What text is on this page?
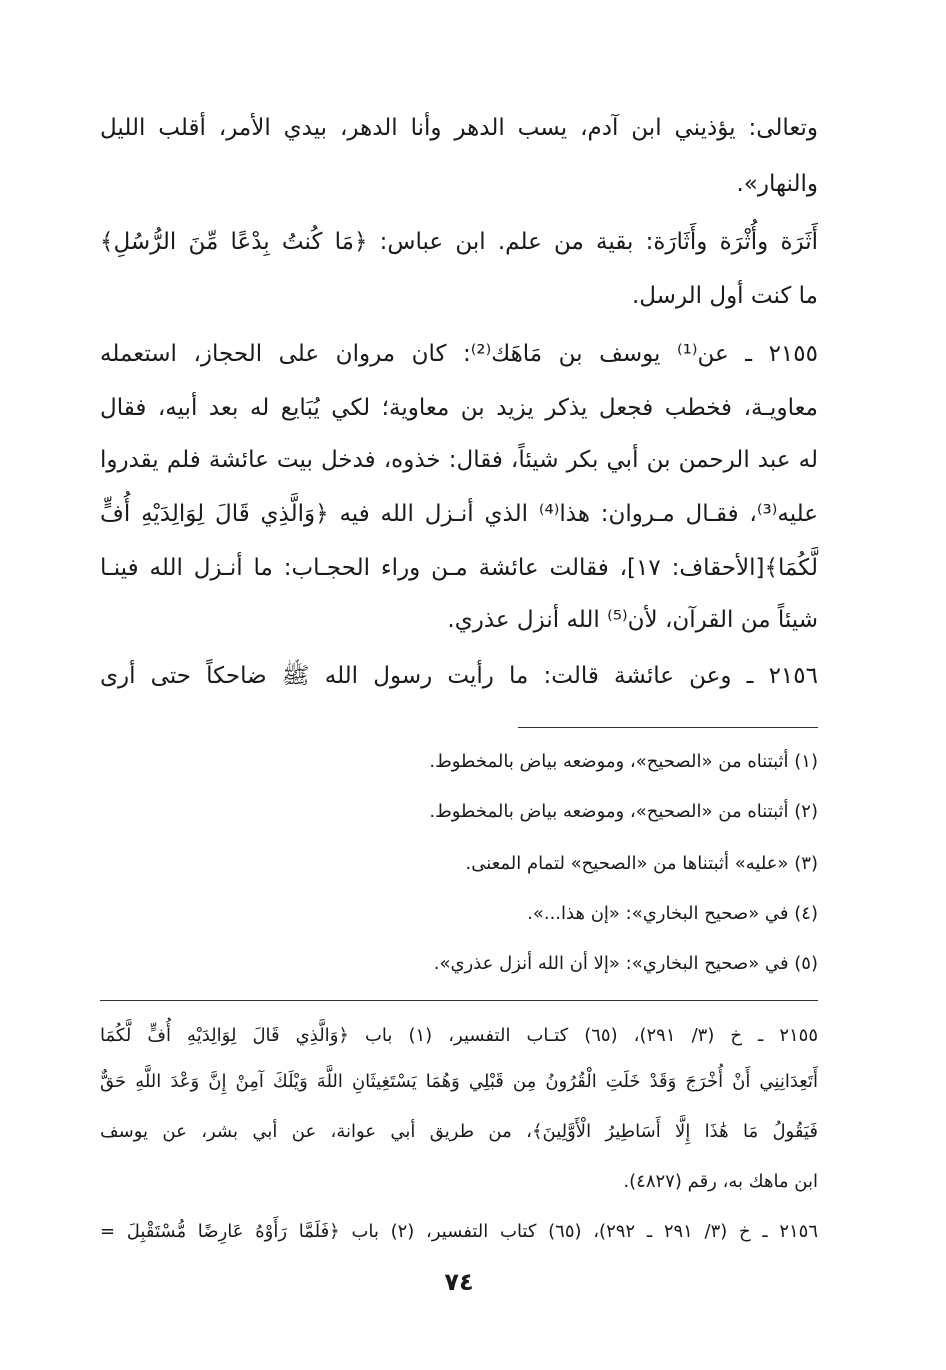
وتعالى: يؤذيني ابن آدم، يسب الدهر وأنا الدهر، بيدي الأمر، أقلب الليل
والنهار».
أَثَرَة وأُثْرَة وأَثَارَة: بقية من علم. ابن عباس: ﴿مَا كُنتُ بِدْعًا مِّنَ الرُّسُلِ﴾
ما كنت أول الرسل.
٢١٥٥ ـ عن⁽¹⁾ يوسف بن مَاهَك⁽²⁾: كان مروان على الحجاز، استعمله
معاويـة، فخطب فجعل يذكر يزيد بن معاوية؛ لكي يُبَايع له بعد أبيه، فقال
له عبد الرحمن بن أبي بكر شيئاً، فقال: خذوه، فدخل بيت عائشة فلم يقدروا
عليه⁽³⁾، فقـال مـروان: هذا⁽⁴⁾ الذي أنـزل الله فيه ﴿وَالَّذِي قَالَ لِوَالِدَيْهِ أُفٍّ
لَّكُمَا﴾[الأحقاف: ١٧]، فقالت عائشة مـن وراء الحجـاب: ما أنـزل الله فينـا
شيئاً من القرآن، لأن⁽⁵⁾ الله أنزل عذري.
٢١٥٦ ـ وعن عائشة قالت: ما رأيت رسول الله ﷺ ضاحكاً حتى أرى
(١) أثبتناه من «الصحيح»، وموضعه بياض بالمخطوط.
(٢) أثبتناه من «الصحيح»، وموضعه بياض بالمخطوط.
(٣) «عليه» أثبتناها من «الصحيح» لتمام المعنى.
(٤) في «صحيح البخاري»: «إن هذا...».
(٥) في «صحيح البخاري»: «إلا أن الله أنزل عذري».
٢١٥٥ ـ خ (٣/ ٢٩١)، (٦٥) كتـاب التفسير، (١) باب ﴿وَالَّذِي قَالَ لِوَالِدَيْهِ أُفٍّ لَّكُمَا
أَتَعِدَانِنِي أَنْ أُخْرَجَ وَقَدْ خَلَتِ الْقُرُونُ مِن قَبْلِي وَهُمَا يَسْتَغِيثَانِ اللَّهَ وَيْلَكَ آمِنْ إِنَّ وَعْدَ اللَّهِ حَقٌّ
فَيَقُولُ مَا هَٰذَا إِلَّا أَسَاطِيرُ الْأَوَّلِينَ﴾، من طريق أبي عوانة، عن أبي بشر، عن يوسف
ابن ماهك به، رقم (٤٨٢٧).
٢١٥٦ ـ خ (٣/ ٢٩١ ـ ٢٩٢)، (٦٥) كتاب التفسير، (٢) باب ﴿فَلَمَّا رَأَوْهُ عَارِضًا مُّسْتَقْبِلَ =
٧٤
